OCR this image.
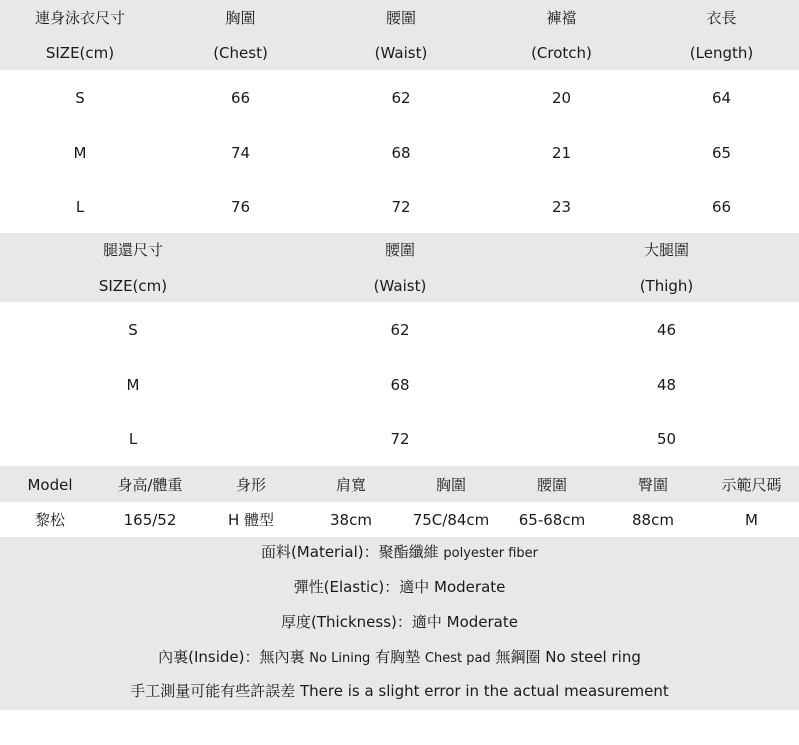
連身泳衣尺寸	胸圍	腰圍	褲襠	衣長
SIZE(cm)	(Chest)	(Waist)	(Crotch)	(Length)
S	66	62	20	64
M	74	68	21	65
L	76	72	23	66
腿還尺寸	腰圍	大腿圍
SIZE(cm)	(Waist)	(Thigh)
S	62	46
M	68	48
L	72	50
Model	身高/體重	身形	肩寬	胸圍	腰圍	臀圍	示範尺碼
黎松	165/52	H 體型	38cm	75C/84cm	65-68cm	88cm	M
面料(Material)：聚酯纖維 polyester fiber
彈性(Elastic)：適中 Moderate
厚度(Thickness)：適中 Moderate
內裏(Inside)：無內裏 No Lining 有胸墊 Chest pad 無鋼圈 No steel ring
手工測量可能有些許誤差 There is a slight error in the actual measurement
